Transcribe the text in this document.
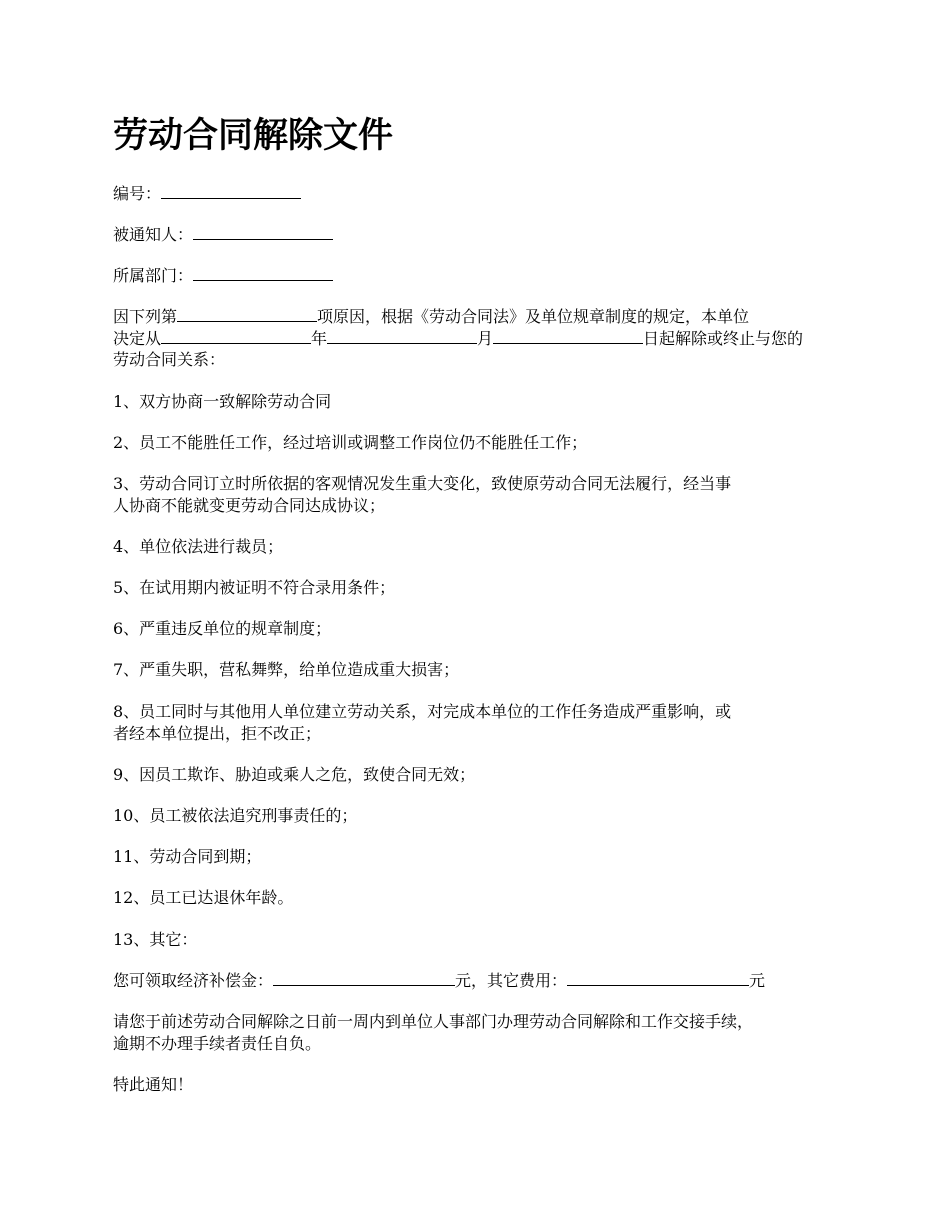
劳动合同解除文件

编号：

被通知人：

所属部门：

因下列第	项原因，根据《劳动合同法》及单位规章制度的规定，本单位

决定从	年	月	日起解除或终止与您的

劳动合同关系：

1、双方协商一致解除劳动合同

2、员工不能胜任工作，经过培训或调整工作岗位仍不能胜任工作；

3、劳动合同订立时所依据的客观情况发生重大变化，致使原劳动合同无法履行，经当事

人协商不能就变更劳动合同达成协议；

4、单位依法进行裁员；

5、在试用期内被证明不符合录用条件；

6、严重违反单位的规章制度；

7、严重失职，营私舞弊，给单位造成重大损害；

8、员工同时与其他用人单位建立劳动关系，对完成本单位的工作任务造成严重影响，或

者经本单位提出，拒不改正；

9、因员工欺诈、胁迫或乘人之危，致使合同无效；

10、员工被依法追究刑事责任的；

11、劳动合同到期；

12、员工已达退休年龄。

13、其它：

您可领取经济补偿金：	元，其它费用：	元

请您于前述劳动合同解除之日前一周内到单位人事部门办理劳动合同解除和工作交接手续，

逾期不办理手续者责任自负。

特此通知！
